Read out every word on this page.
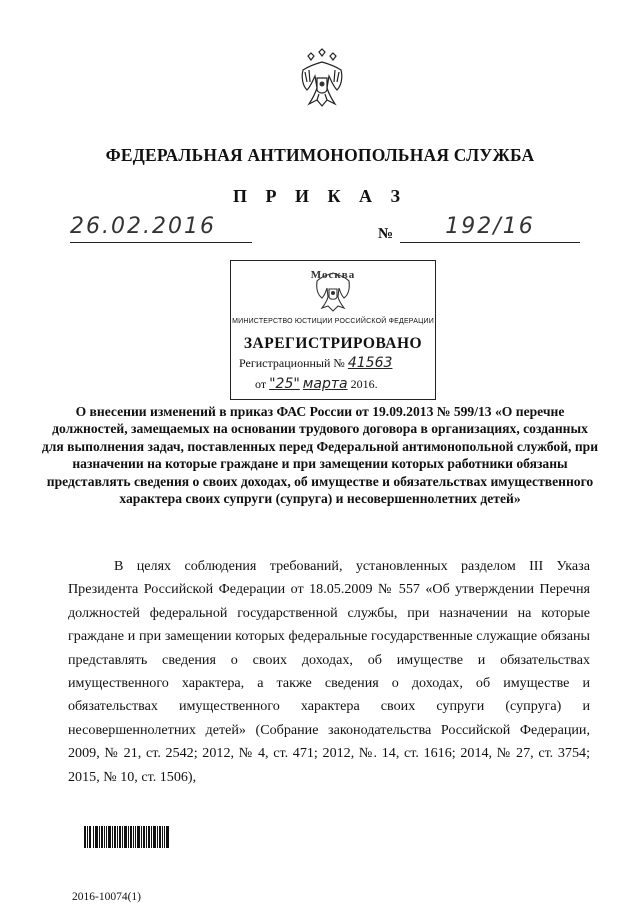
ФЕДЕРАЛЬНАЯ АНТИМОНОПОЛЬНАЯ СЛУЖБА
П Р И К А З
26.02.2016	№	192/16
Москва
МИНИСТЕРСТВО ЮСТИЦИИ РОССИЙСКОЙ ФЕДЕРАЦИИ
ЗАРЕГИСТРИРОВАНО
Регистрационный № 41563
от "25" марта 2016.
О внесении изменений в приказ ФАС России от 19.09.2013 № 599/13 «О перечне должностей, замещаемых на основании трудового договора в организациях, созданных для выполнения задач, поставленных перед Федеральной антимонопольной службой, при назначении на которые граждане и при замещении которых работники обязаны представлять сведения о своих доходах, об имуществе и обязательствах имущественного характера своих супруги (супруга) и несовершеннолетних детей»
В целях соблюдения требований, установленных разделом III Указа Президента Российской Федерации от 18.05.2009 № 557 «Об утверждении Перечня должностей федеральной государственной службы, при назначении на которые граждане и при замещении которых федеральные государственные служащие обязаны представлять сведения о своих доходах, об имуществе и обязательствах имущественного характера, а также сведения о доходах, об имуществе и обязательствах имущественного характера своих супруги (супруга) и несовершеннолетних детей» (Собрание законодательства Российской Федерации, 2009, № 21, ст. 2542; 2012, № 4, ст. 471; 2012, №. 14, ст. 1616; 2014, № 27, ст. 3754; 2015, № 10, ст. 1506),
2016-10074(1)
